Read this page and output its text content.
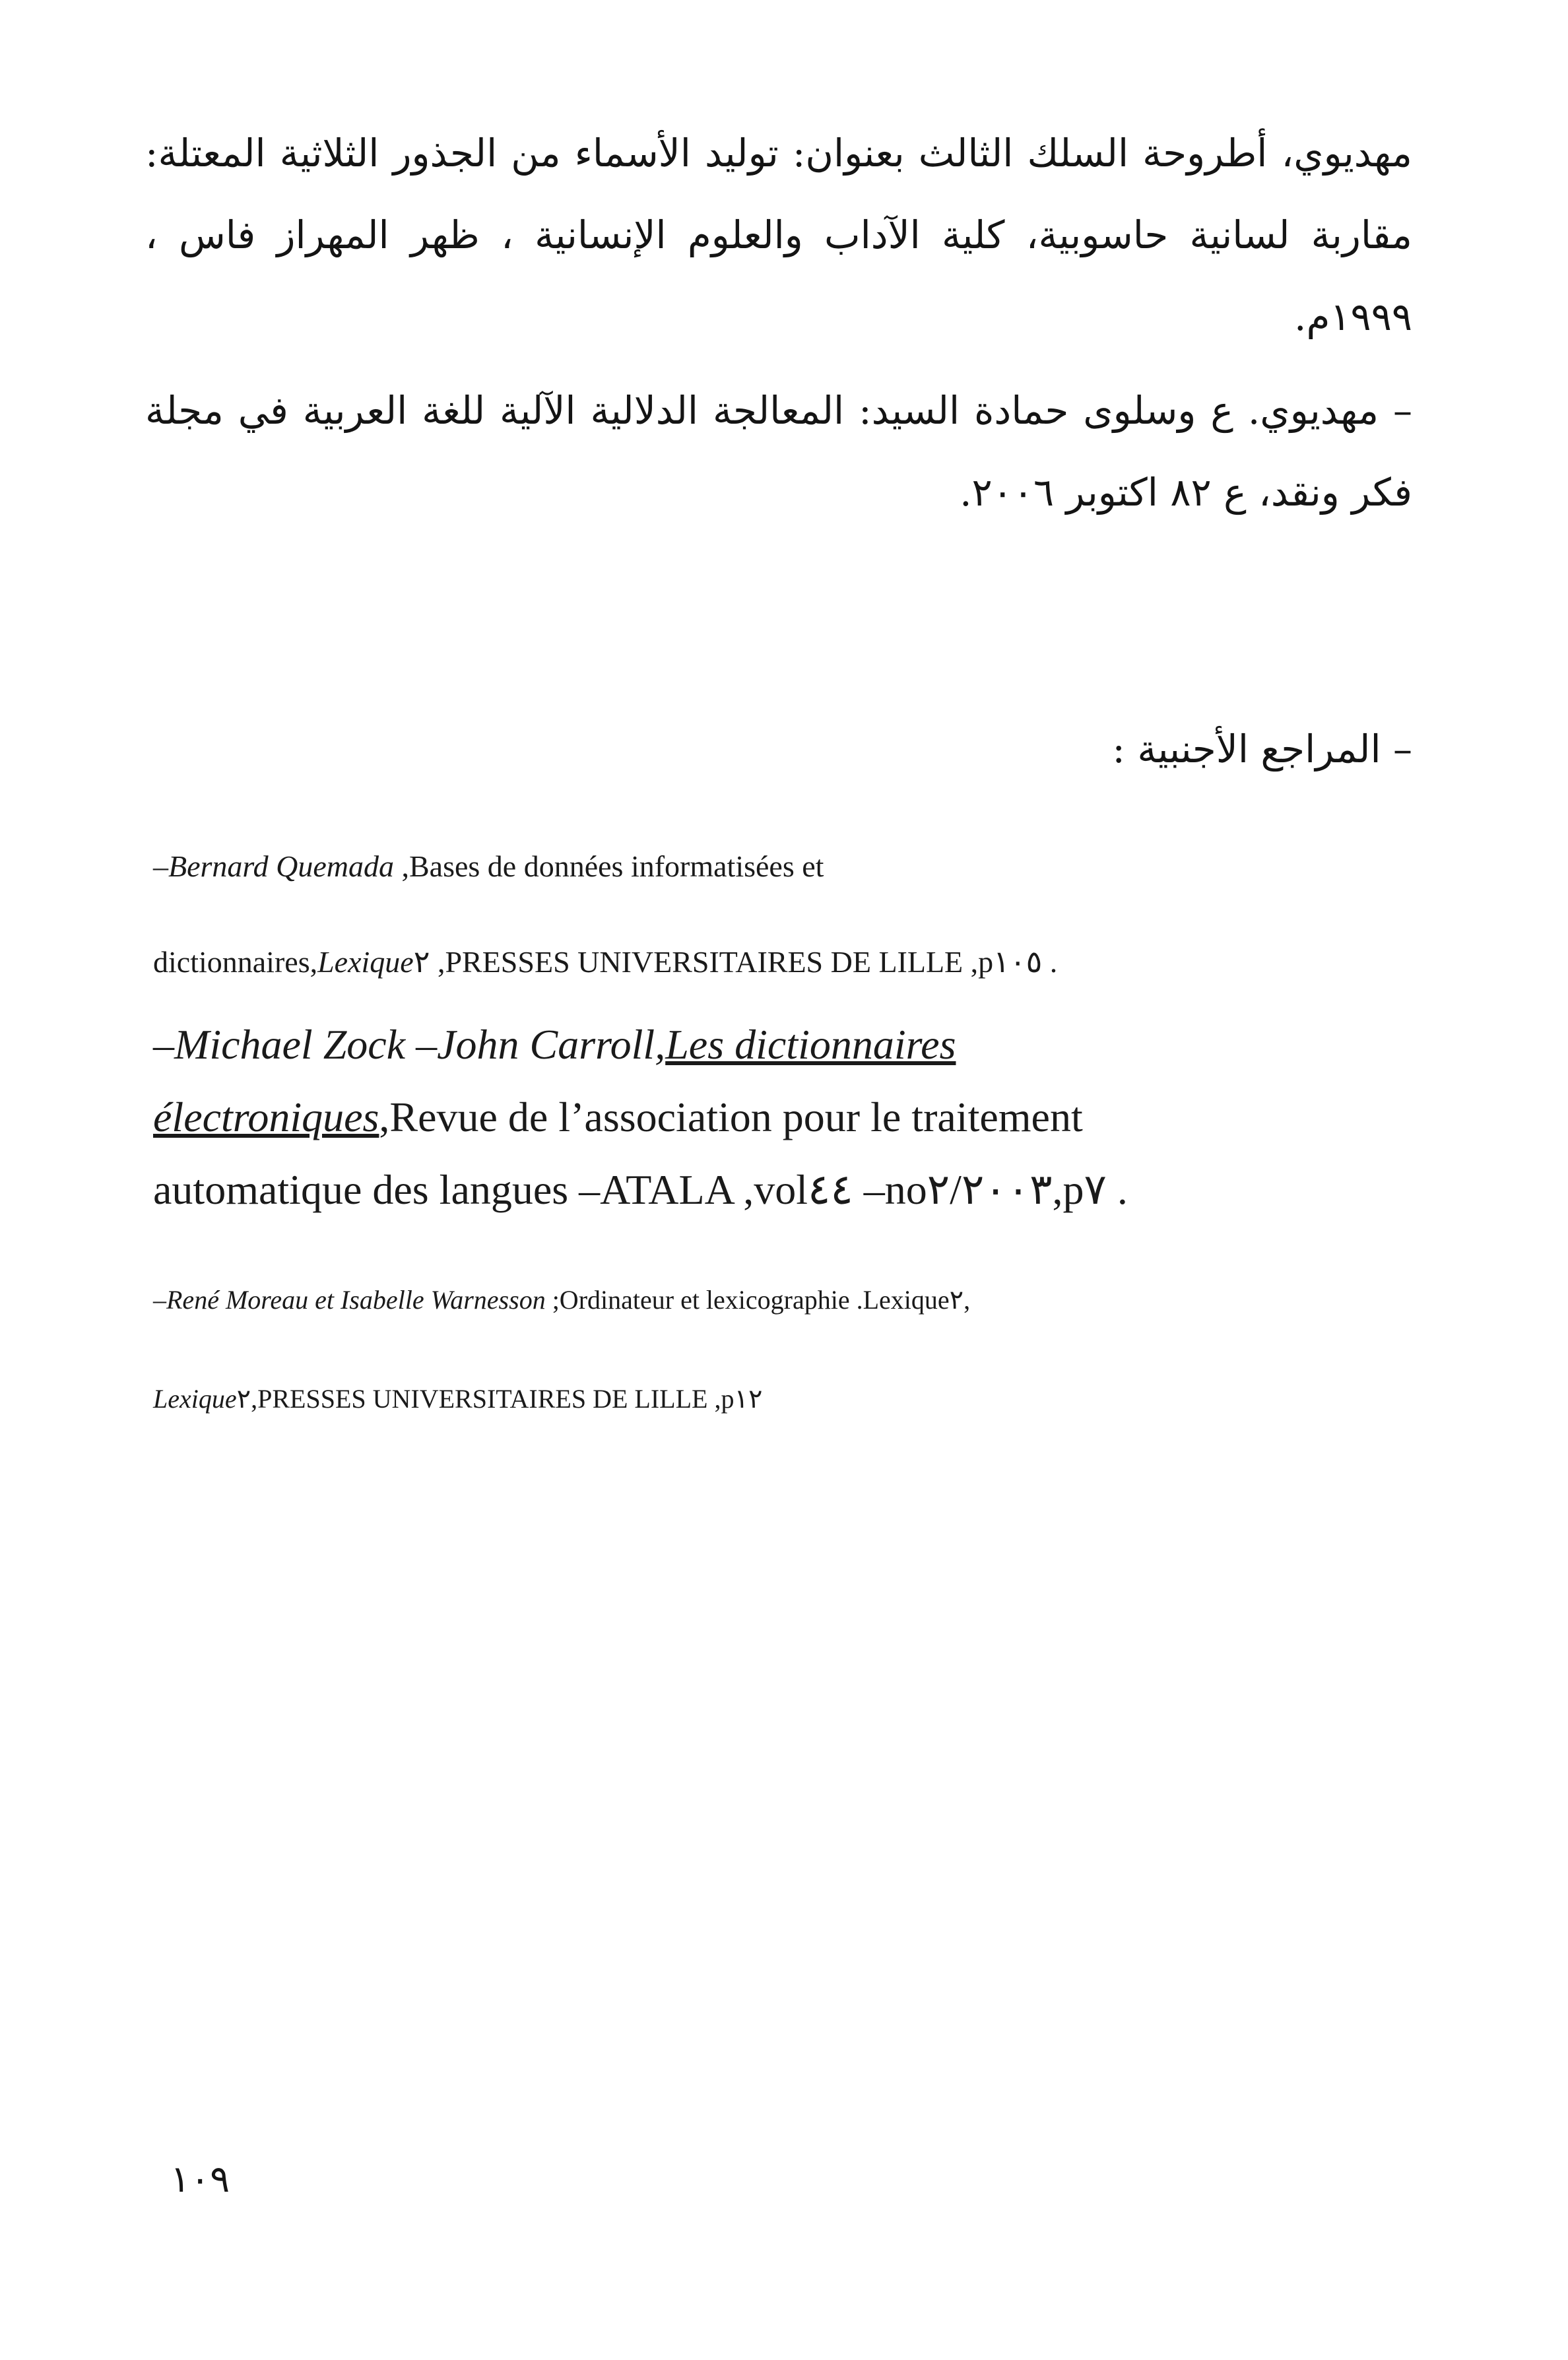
مهديوي، أطروحة السلك الثالث بعنوان: توليد الأسماء من الجذور الثلاثية المعتلة: مقاربة لسانية حاسوبية، كلية الآداب والعلوم الإنسانية ، ظهر المهراز فاس ، ١٩٩٩م.

– مهديوي. ع وسلوى حمادة السيد: المعالجة الدلالية الآلية للغة العربية في مجلة فكر ونقد، ع ٨٢ اكتوبر ٢٠٠٦.

– المراجع الأجنبية :
–Bernard Quemada ,Bases de données informatisées et
dictionnaires,Lexique٢ ,PRESSES UNIVERSITAIRES DE LILLE ,p١٠٥ .
–Michael Zock –John Carroll,Les dictionnaires
électroniques,Revue de l’association pour le traitement
automatique des langues –ATALA ,vol٤٤ –no٢/٢٠٠٣,p٧ .
–René Moreau et Isabelle Warnesson ;Ordinateur et lexicographie .Lexique٢,
Lexique٢,PRESSES UNIVERSITAIRES DE LILLE ,p١٢
١٠٩
